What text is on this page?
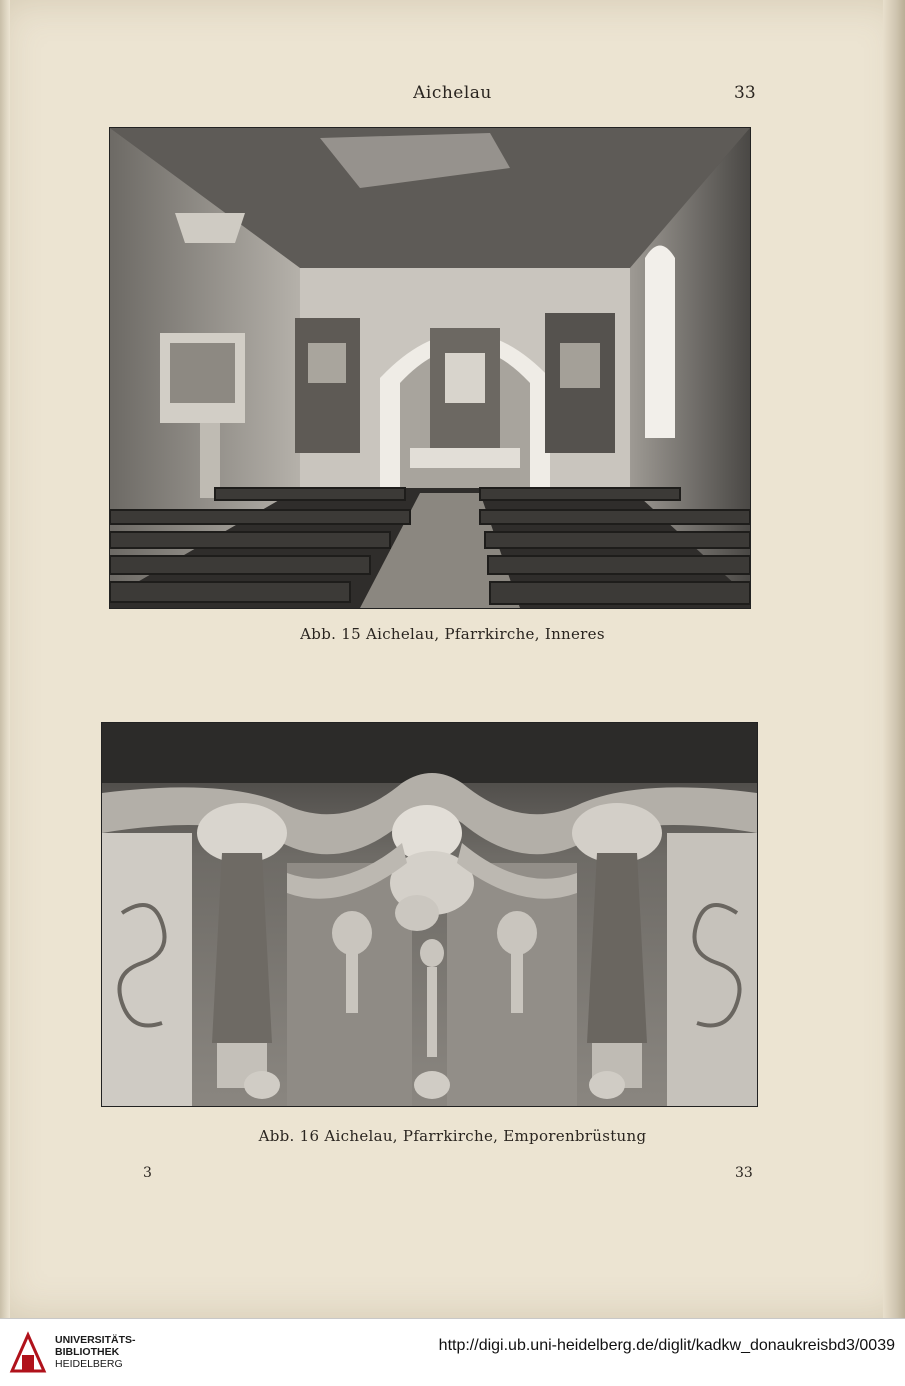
Aichelau	33
Abb. 15 Aichelau, Pfarrkirche, Inneres
Abb. 16 Aichelau, Pfarrkirche, Emporenbrüstung
3	33
UNIVERSITÄTS-
BIBLIOTHEK
HEIDELBERG
http://digi.ub.uni-heidelberg.de/diglit/kadkw_donaukreisbd3/0039
